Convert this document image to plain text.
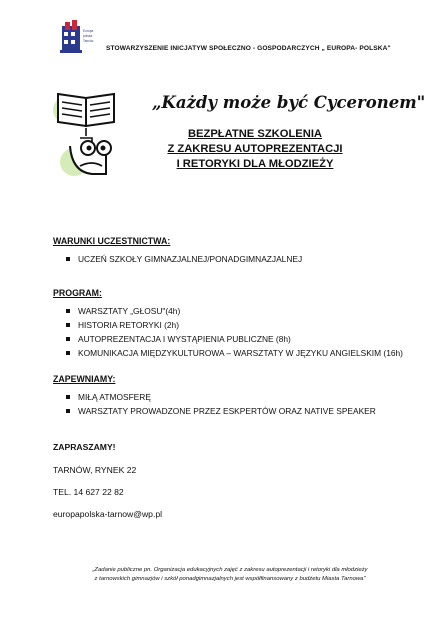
Europa
polska
Tarnów
STOWARZYSZENIE INICJATYW SPOŁECZNO - GOSPODARCZYCH „ EUROPA- POLSKA"
„Każdy może być Cyceronem"
BEZPŁATNE SZKOLENIA
Z ZAKRESU AUTOPREZENTACJI
I RETORYKI DLA MŁODZIEŻY
WARUNKI UCZESTNICTWA:
UCZEŃ SZKOŁY GIMNAZJALNEJ/PONADGIMNAZJALNEJ
PROGRAM:
WARSZTATY „GŁOSU"(4h)
HISTORIA RETORYKI (2h)
AUTOPREZENTACJA I WYSTĄPIENIA PUBLICZNE (8h)
KOMUNIKACJA MIĘDZYKULTUROWA – WARSZTATY W JĘZYKU ANGIELSKIM (16h)
ZAPEWNIAMY:
MIŁĄ ATMOSFERĘ
WARSZTATY PROWADZONE PRZEZ ESKPERTÓW ORAZ NATIVE SPEAKER
ZAPRASZAMY!
TARNÓW, RYNEK 22
TEL. 14 627 22 82
europapolska-tarnow@wp.pl
„Zadanie publiczne pn. Organizacja edukacyjnych zajęć z zakresu autoprezentacji i retoryki dla młodzieży
z tarnowskich gimnazjów i szkół ponadgimnazjalnych jest współfinansowany z budżetu Miasta Tarnowa"
